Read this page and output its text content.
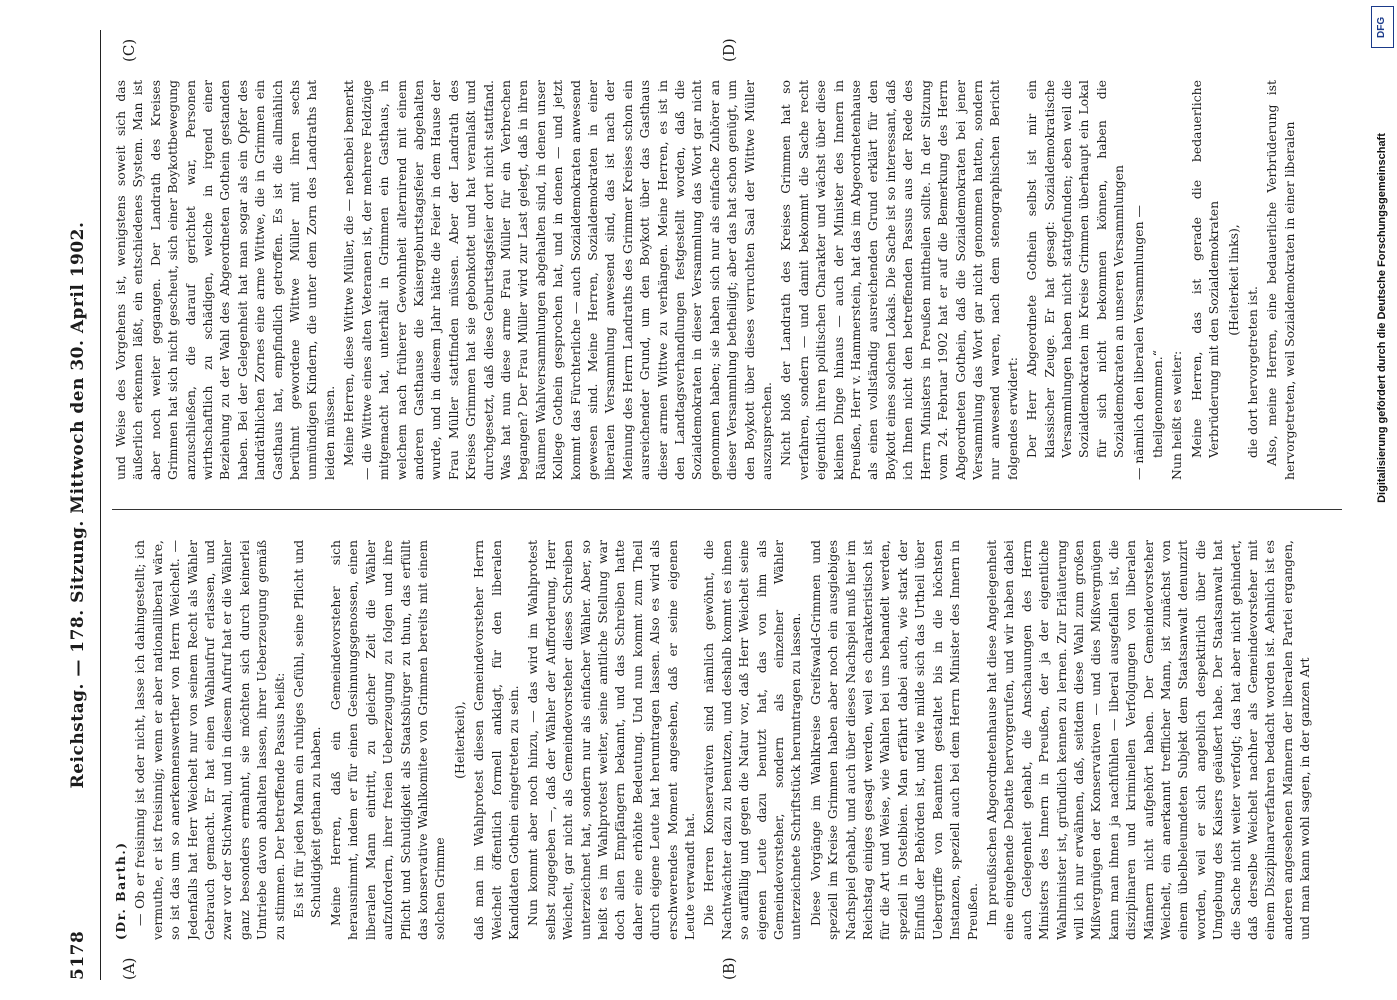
5178
Reichstag. — 178. Sitzung. Mittwoch den 30. April 1902.
(A)	(B)
(C)	(D)

(Dr. Barth.) — Ob er freisinnig ist oder nicht, lasse ich dahingestellt; ich vermuthe, er ist freisinnig; wenn er aber nationalliberal wäre, so ist das um so anerkennenswerther von Herrn Weichelt. — Jedenfalls hat Herr Weichelt nur von seinem Recht als Wähler Gebrauch gemacht. Er hat einen Wahlaufruf erlassen, und zwar vor der Stichwahl, und in diesem Aufruf hat er die Wähler ganz besonders ermahnt, sie möchten sich durch keinerlei Umtriebe davon abhalten lassen, ihrer Ueberzeugung gemäß zu stimmen. Der betreffende Passus heißt: Es ist für jeden Mann ein ruhiges Gefühl, seine Pflicht und Schuldigkeit gethan zu haben. Meine Herren, daß ein Gemeindevorsteher sich herausnimmt, indem er für einen Gesinnungsgenossen, einen liberalen Mann eintritt, zu gleicher Zeit die Wähler aufzufordern, ihrer freien Ueberzeugung zu folgen und ihre Pflicht und Schuldigkeit als Staatsbürger zu thun, das erfüllt das konservative Wahlkomitee von Grimmen bereits mit einem solchen Grimme

(Heiterkeit), daß man im Wahlprotest diesen Gemeindevorsteher Herrn Weichelt öffentlich formell anklagt, für den liberalen Kandidaten Gothein eingetreten zu sein. Nun kommt aber noch hinzu, — das wird im Wahlprotest selbst zugegeben —, daß der Wähler der Aufforderung, Herr Weichelt, gar nicht als Gemeindevorsteher dieses Schreiben unterzeichnet hat, sondern nur als einfacher Wähler. Aber, so heißt es im Wahlprotest weiter, seine amtliche Stellung war doch allen Empfängern bekannt, und das Schreiben hatte daher eine erhöhte Bedeutung. Und nun kommt zum Theil durch eigene Leute hat herumtragen lassen. Also es wird als erschwerendes Moment angesehen, daß er seine eigenen Leute verwandt hat. Die Herren Konservativen sind nämlich gewöhnt, die Nachtwächter dazu zu benutzen, und deshalb kommt es ihnen so auffällig und gegen die Natur vor, daß Herr Weichelt seine eigenen Leute dazu benutzt hat, das von ihm als Gemeindevorsteher, sondern als einzelner Wähler unterzeichnete Schriftstück herumtragen zu lassen. Diese Vorgänge im Wahlkreise Greifswald-Grimmen und speziell im Kreise Grimmen haben aber noch ein ausgiebiges Nachspiel gehabt, und auch über dieses Nachspiel muß hier im Reichstag einiges gesagt werden, weil es charakteristisch ist für die Art und Weise, wie Wahlen bei uns behandelt werden, speziell in Ostelbien. Man erfährt dabei auch, wie stark der Einfluß der Behörden ist, und wie milde sich das Urtheil über Uebergriffe von Beamten gestaltet bis in die höchsten Instanzen, speziell auch bei dem Herrn Minister des Innern in Preußen. Im preußischen Abgeordnetenhause hat diese Angelegenheit eine eingehende Debatte hervorgerufen, und wir haben dabei auch Gelegenheit gehabt, die Anschauungen des Herrn Ministers des Innern in Preußen, der ja der eigentliche Wahlminister ist, gründlich kennen zu lernen. Zur Erläuterung will ich nur erwähnen, daß, seitdem diese Wahl zum großen Mißvergnügen der Konservativen — und dies Mißvergnügen kann man ihnen ja nachfühlen — liberal ausgefallen ist, die disziplinaren und kriminellen Verfolgungen von liberalen Männern nicht aufgehört haben. Der Gemeindevorsteher Weichelt, ein anerkannt trefflicher Mann, ist zunächst von einem übelbeleumdeten Subjekt dem Staatsanwalt denunzirt worden, weil er sich angeblich despektirlich über die Umgebung des Kaisers geäußert habe. Der Staatsanwalt hat die Sache nicht weiter verfolgt; das hat aber nicht gehindert, daß derselbe Weichelt nachher als Gemeindevorsteher mit einem Disziplinarverfahren bedacht worden ist. Aehnlich ist es anderen angesehenen Männern der liberalen Partei ergangen, und man kann wohl sagen, in der ganzen Art

und Weise des Vorgehens ist, wenigstens soweit sich das äußerlich erkennen läßt, ein entschiedenes System. Man ist aber noch weiter gegangen. Der Landrath des Kreises Grimmen hat sich nicht gescheut, sich einer Boykottbewegung anzuschließen, die darauf gerichtet war, Personen wirthschaftlich zu schädigen, welche in irgend einer Beziehung zu der Wahl des Abgeordneten Gothein gestanden haben. Bei der Gelegenheit hat man sogar als ein Opfer des landräthlichen Zornes eine arme Wittwe, die in Grimmen ein Gasthaus hat, empfindlich getroffen. Es ist die allmählich berühmt gewordene Wittwe Müller mit ihren sechs unmündigen Kindern, die unter dem Zorn des Landraths hat leiden müssen. Meine Herren, diese Wittwe Müller, die — nebenbei bemerkt — die Wittwe eines alten Veteranen ist, der mehrere Feldzüge mitgemacht hat, unterhält in Grimmen ein Gasthaus, in welchem nach früherer Gewohnheit alternirend mit einem anderen Gasthause die Kaisergeburtstagsfeier abgehalten wurde, und in diesem Jahr hätte die Feier in dem Hause der Frau Müller stattfinden müssen. Aber der Landrath des Kreises Grimmen hat sie gebonkottet und hat veranlaßt und durchgesetzt, daß diese Geburtstagsfeier dort nicht stattfand. Was hat nun diese arme Frau Müller für ein Verbrechen begangen? Der Frau Müller wird zur Last gelegt, daß in ihren Räumen Wahlversammlungen abgehalten sind, in denen unser Kollege Gothein gesprochen hat, und in denen — und jetzt kommt das Fürchterliche — auch Sozialdemokraten anwesend gewesen sind. Meine Herren, Sozialdemokraten in einer liberalen Versammlung anwesend sind, das ist nach der Meinung des Herrn Landraths des Grimmer Kreises schon ein ausreichender Grund, um den Boykott über das Gasthaus dieser armen Wittwe zu verhängen. Meine Herren, es ist in den Landtagsverhandlungen festgestellt worden, daß die Sozialdemokraten in dieser Versammlung das Wort gar nicht genommen haben; sie haben sich nur als einfache Zuhörer an dieser Versammlung betheiligt; aber das hat schon genügt, um den Boykott über dieses verruchten Saal der Wittwe Müller auszusprechen. Nicht bloß der Landrath des Kreises Grimmen hat so verfahren, sondern — und damit bekommt die Sache recht eigentlich ihren politischen Charakter und wächst über diese kleinen Dinge hinaus — auch der Minister des Innern in Preußen, Herr v. Hammerstein, hat das im Abgeordnetenhause als einen vollständig ausreichenden Grund erklärt für den Boykott eines solchen Lokals. Die Sache ist so interessant, daß ich Ihnen nicht den betreffenden Passus aus der Rede des Herrn Ministers in Preußen mittheilen sollte. In der Sitzung vom 24. Februar 1902 hat er auf die Bemerkung des Herrn Abgeordneten Gothein, daß die Sozialdemokraten bei jener Versammlung das Wort gar nicht genommen hatten, sondern nur anwesend waren, nach dem stenographischen Bericht folgendes erwidert: Der Herr Abgeordnete Gothein selbst ist mir ein klassischer Zeuge. Er hat gesagt: Sozialdemokratische Versammlungen haben nicht stattgefunden; eben weil die Sozialdemokraten im Kreise Grimmen überhaupt ein Lokal für sich nicht bekommen können, haben die Sozialdemokraten an unseren Versammlungen — nämlich den liberalen Versammlungen — theilgenommen.“ Nun heißt es weiter: Meine Herren, das ist gerade die bedauerliche Verbrüderung mit den Sozialdemokraten (Heiterkeit links),

die dort hervorgetreten ist. Also, meine Herren, eine bedauerliche Verbrüderung ist hervorgetreten, weil Sozialdemokraten in einer liberalen

DFG
Digitalisierung gefördert durch die Deutsche Forschungsgemeinschaft
